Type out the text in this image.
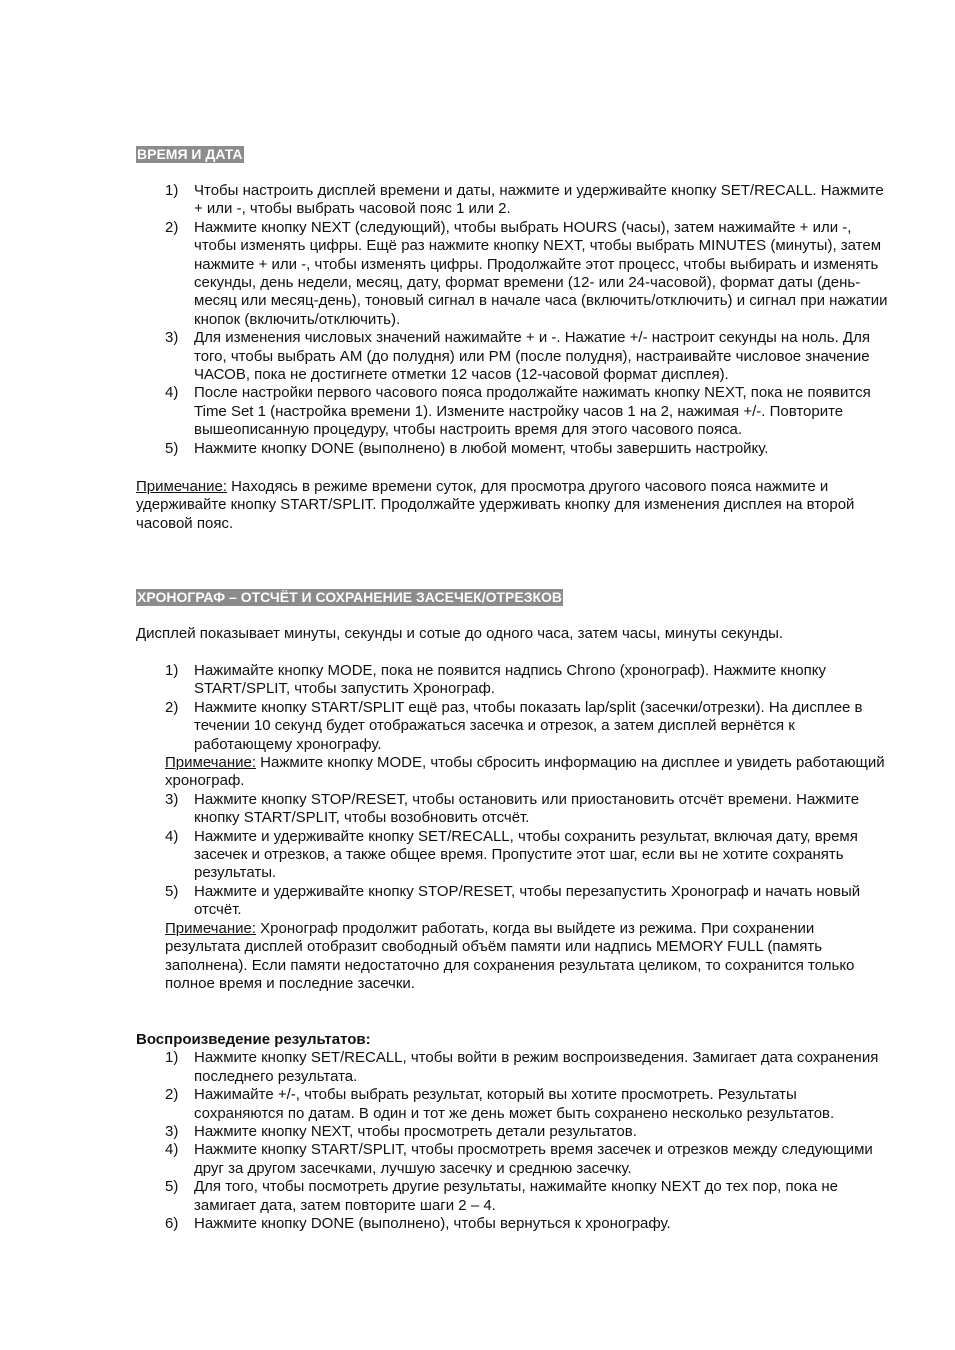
ВРЕМЯ И ДАТА
1) Чтобы настроить дисплей времени и даты, нажмите и удерживайте кнопку SET/RECALL. Нажмите + или -, чтобы выбрать часовой пояс 1 или 2.
2) Нажмите кнопку NEXT (следующий), чтобы выбрать HOURS (часы), затем нажимайте + или -, чтобы изменять цифры. Ещё раз нажмите кнопку NEXT, чтобы выбрать MINUTES (минуты), затем нажмите + или -, чтобы изменять цифры. Продолжайте этот процесс, чтобы выбирать и изменять секунды, день недели, месяц, дату, формат времени (12- или 24-часовой), формат даты (день-месяц или месяц-день), тоновый сигнал в начале часа (включить/отключить) и сигнал при нажатии кнопок (включить/отключить).
3) Для изменения числовых значений нажимайте + и -. Нажатие +/- настроит секунды на ноль. Для того, чтобы выбрать AM (до полудня) или PM (после полудня), настраивайте числовое значение ЧАСОВ, пока не достигнете отметки 12 часов (12-часовой формат дисплея).
4) После настройки первого часового пояса продолжайте нажимать кнопку NEXT, пока не появится Time Set 1 (настройка времени 1). Измените настройку часов 1 на 2, нажимая +/-. Повторите вышеописанную процедуру, чтобы настроить время для этого часового пояса.
5) Нажмите кнопку DONE (выполнено) в любой момент, чтобы завершить настройку.

Примечание: Находясь в режиме времени суток, для просмотра другого часового пояса нажмите и удерживайте кнопку START/SPLIT. Продолжайте удерживать кнопку для изменения дисплея на второй часовой пояс.

ХРОНОГРАФ – ОТСЧЁТ И СОХРАНЕНИЕ ЗАСЕЧЕК/ОТРЕЗКОВ

Дисплей показывает минуты, секунды и сотые до одного часа, затем часы, минуты секунды.

1) Нажимайте кнопку MODE, пока не появится надпись Chrono (хронограф). Нажмите кнопку START/SPLIT, чтобы запустить Хронограф.
2) Нажмите кнопку START/SPLIT ещё раз, чтобы показать lap/split (засечки/отрезки). На дисплее в течении 10 секунд будет отображаться засечка и отрезок, а затем дисплей вернётся к работающему хронографу.

Примечание: Нажмите кнопку MODE, чтобы сбросить информацию на дисплее и увидеть работающий хронограф.

3) Нажмите кнопку STOP/RESET, чтобы остановить или приостановить отсчёт времени. Нажмите кнопку START/SPLIT, чтобы возобновить отсчёт.
4) Нажмите и удерживайте кнопку SET/RECALL, чтобы сохранить результат, включая дату, время засечек и отрезков, а также общее время. Пропустите этот шаг, если вы не хотите сохранять результаты.
5) Нажмите и удерживайте кнопку STOP/RESET, чтобы перезапустить Хронограф и начать новый отсчёт.

Примечание: Хронограф продолжит работать, когда вы выйдете из режима. При сохранении результата дисплей отобразит свободный объём памяти или надпись MEMORY FULL (память заполнена). Если памяти недостаточно для сохранения результата целиком, то сохранится только полное время и последние засечки.

Воспроизведение результатов:

1) Нажмите кнопку SET/RECALL, чтобы войти в режим воспроизведения. Замигает дата сохранения последнего результата.
2) Нажимайте +/-, чтобы выбрать результат, который вы хотите просмотреть. Результаты сохраняются по датам. В один и тот же день может быть сохранено несколько результатов.
3) Нажмите кнопку NEXT, чтобы просмотреть детали результатов.
4) Нажмите кнопку START/SPLIT, чтобы просмотреть время засечек и отрезков между следующими друг за другом засечками, лучшую засечку и среднюю засечку.
5) Для того, чтобы посмотреть другие результаты, нажимайте кнопку NEXT до тех пор, пока не замигает дата, затем повторите шаги 2 – 4.
6) Нажмите кнопку DONE (выполнено), чтобы вернуться к хронографу.
